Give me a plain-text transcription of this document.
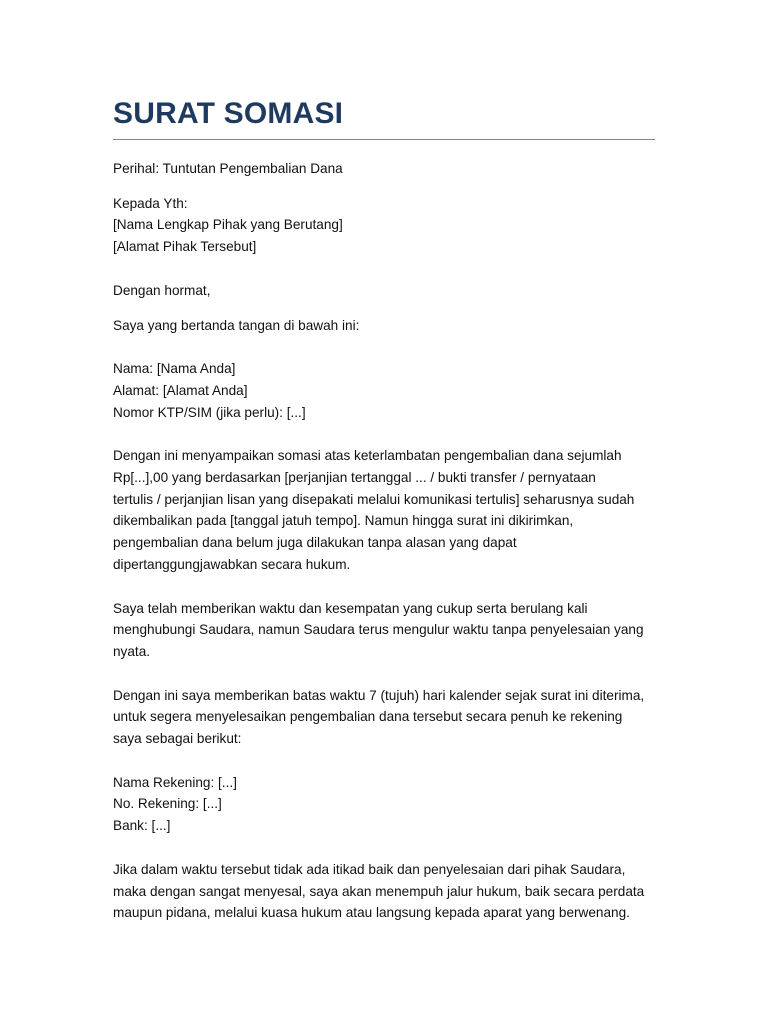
SURAT SOMASI

Perihal: Tuntutan Pengembalian Dana

Kepada Yth:
[Nama Lengkap Pihak yang Berutang]
[Alamat Pihak Tersebut]

Dengan hormat,

Saya yang bertanda tangan di bawah ini:

Nama: [Nama Anda]
Alamat: [Alamat Anda]
Nomor KTP/SIM (jika perlu): [...]

Dengan ini menyampaikan somasi atas keterlambatan pengembalian dana sejumlah
Rp[...],00 yang berdasarkan [perjanjian tertanggal ... / bukti transfer / pernyataan
tertulis / perjanjian lisan yang disepakati melalui komunikasi tertulis] seharusnya sudah
dikembalikan pada [tanggal jatuh tempo]. Namun hingga surat ini dikirimkan,
pengembalian dana belum juga dilakukan tanpa alasan yang dapat
dipertanggungjawabkan secara hukum.

Saya telah memberikan waktu dan kesempatan yang cukup serta berulang kali
menghubungi Saudara, namun Saudara terus mengulur waktu tanpa penyelesaian yang
nyata.

Dengan ini saya memberikan batas waktu 7 (tujuh) hari kalender sejak surat ini diterima,
untuk segera menyelesaikan pengembalian dana tersebut secara penuh ke rekening
saya sebagai berikut:

Nama Rekening: [...]
No. Rekening: [...]
Bank: [...]

Jika dalam waktu tersebut tidak ada itikad baik dan penyelesaian dari pihak Saudara,
maka dengan sangat menyesal, saya akan menempuh jalur hukum, baik secara perdata
maupun pidana, melalui kuasa hukum atau langsung kepada aparat yang berwenang.
